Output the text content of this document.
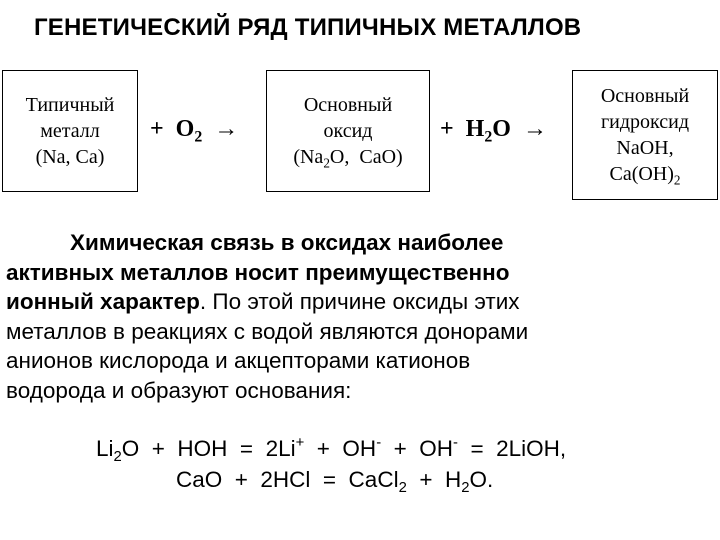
ГЕНЕТИЧЕСКИЙ РЯД ТИПИЧНЫХ МЕТАЛЛОВ
Типичный
металл
(Na, Ca)
+  $O_2$ →
Основный
оксид
($Na_2O$,  CaO)
+  $H_2O$ →
Основный
гидроксид
NaOH,
$Ca(OH)_2$
Химическая связь в оксидах наиболее
активных металлов носит преимущественно
ионный характер. По этой причине оксиды этих
металлов в реакциях с водой являются донорами
анионов кислорода и акцепторами катионов
водорода и образуют основания:
$Li_2O$  +  HOH  =  2Li+  +  OH-  +  OH-  =  2LiOH,
CaO  +  2HCl  =  CaCl$_2$  +  $H_2O$.
